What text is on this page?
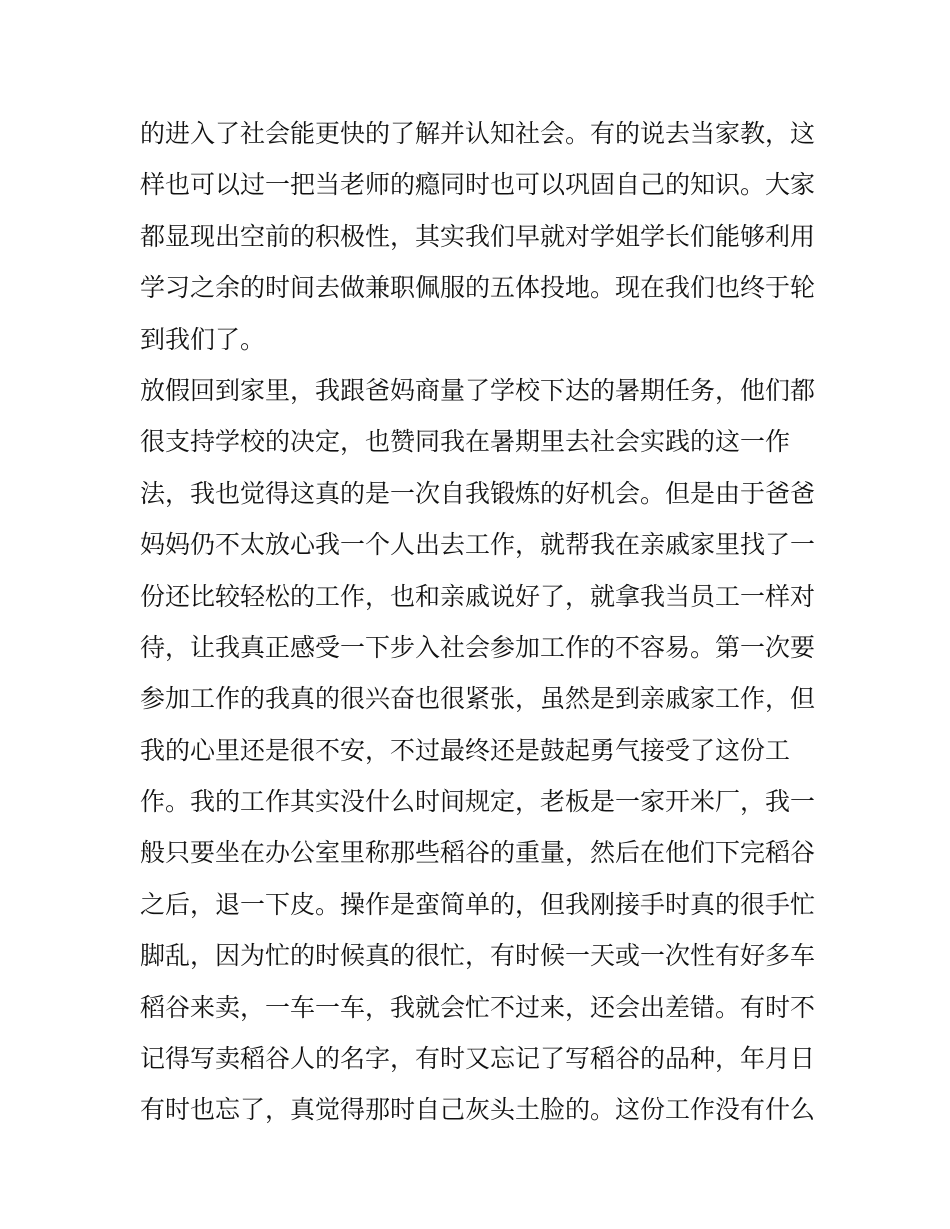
的进入了社会能更快的了解并认知社会。有的说去当家教，这
样也可以过一把当老师的瘾同时也可以巩固自己的知识。大家
都显现出空前的积极性，其实我们早就对学姐学长们能够利用
学习之余的时间去做兼职佩服的五体投地。现在我们也终于轮
到我们了。
放假回到家里，我跟爸妈商量了学校下达的暑期任务，他们都
很支持学校的决定，也赞同我在暑期里去社会实践的这一作
法，我也觉得这真的是一次自我锻炼的好机会。但是由于爸爸
妈妈仍不太放心我一个人出去工作，就帮我在亲戚家里找了一
份还比较轻松的工作，也和亲戚说好了，就拿我当员工一样对
待，让我真正感受一下步入社会参加工作的不容易。第一次要
参加工作的我真的很兴奋也很紧张，虽然是到亲戚家工作，但
我的心里还是很不安，不过最终还是鼓起勇气接受了这份工
作。我的工作其实没什么时间规定，老板是一家开米厂，我一
般只要坐在办公室里称那些稻谷的重量，然后在他们下完稻谷
之后，退一下皮。操作是蛮简单的，但我刚接手时真的很手忙
脚乱，因为忙的时候真的很忙，有时候一天或一次性有好多车
稻谷来卖，一车一车，我就会忙不过来，还会出差错。有时不
记得写卖稻谷人的名字，有时又忘记了写稻谷的品种，年月日
有时也忘了，真觉得那时自己灰头土脸的。这份工作没有什么
